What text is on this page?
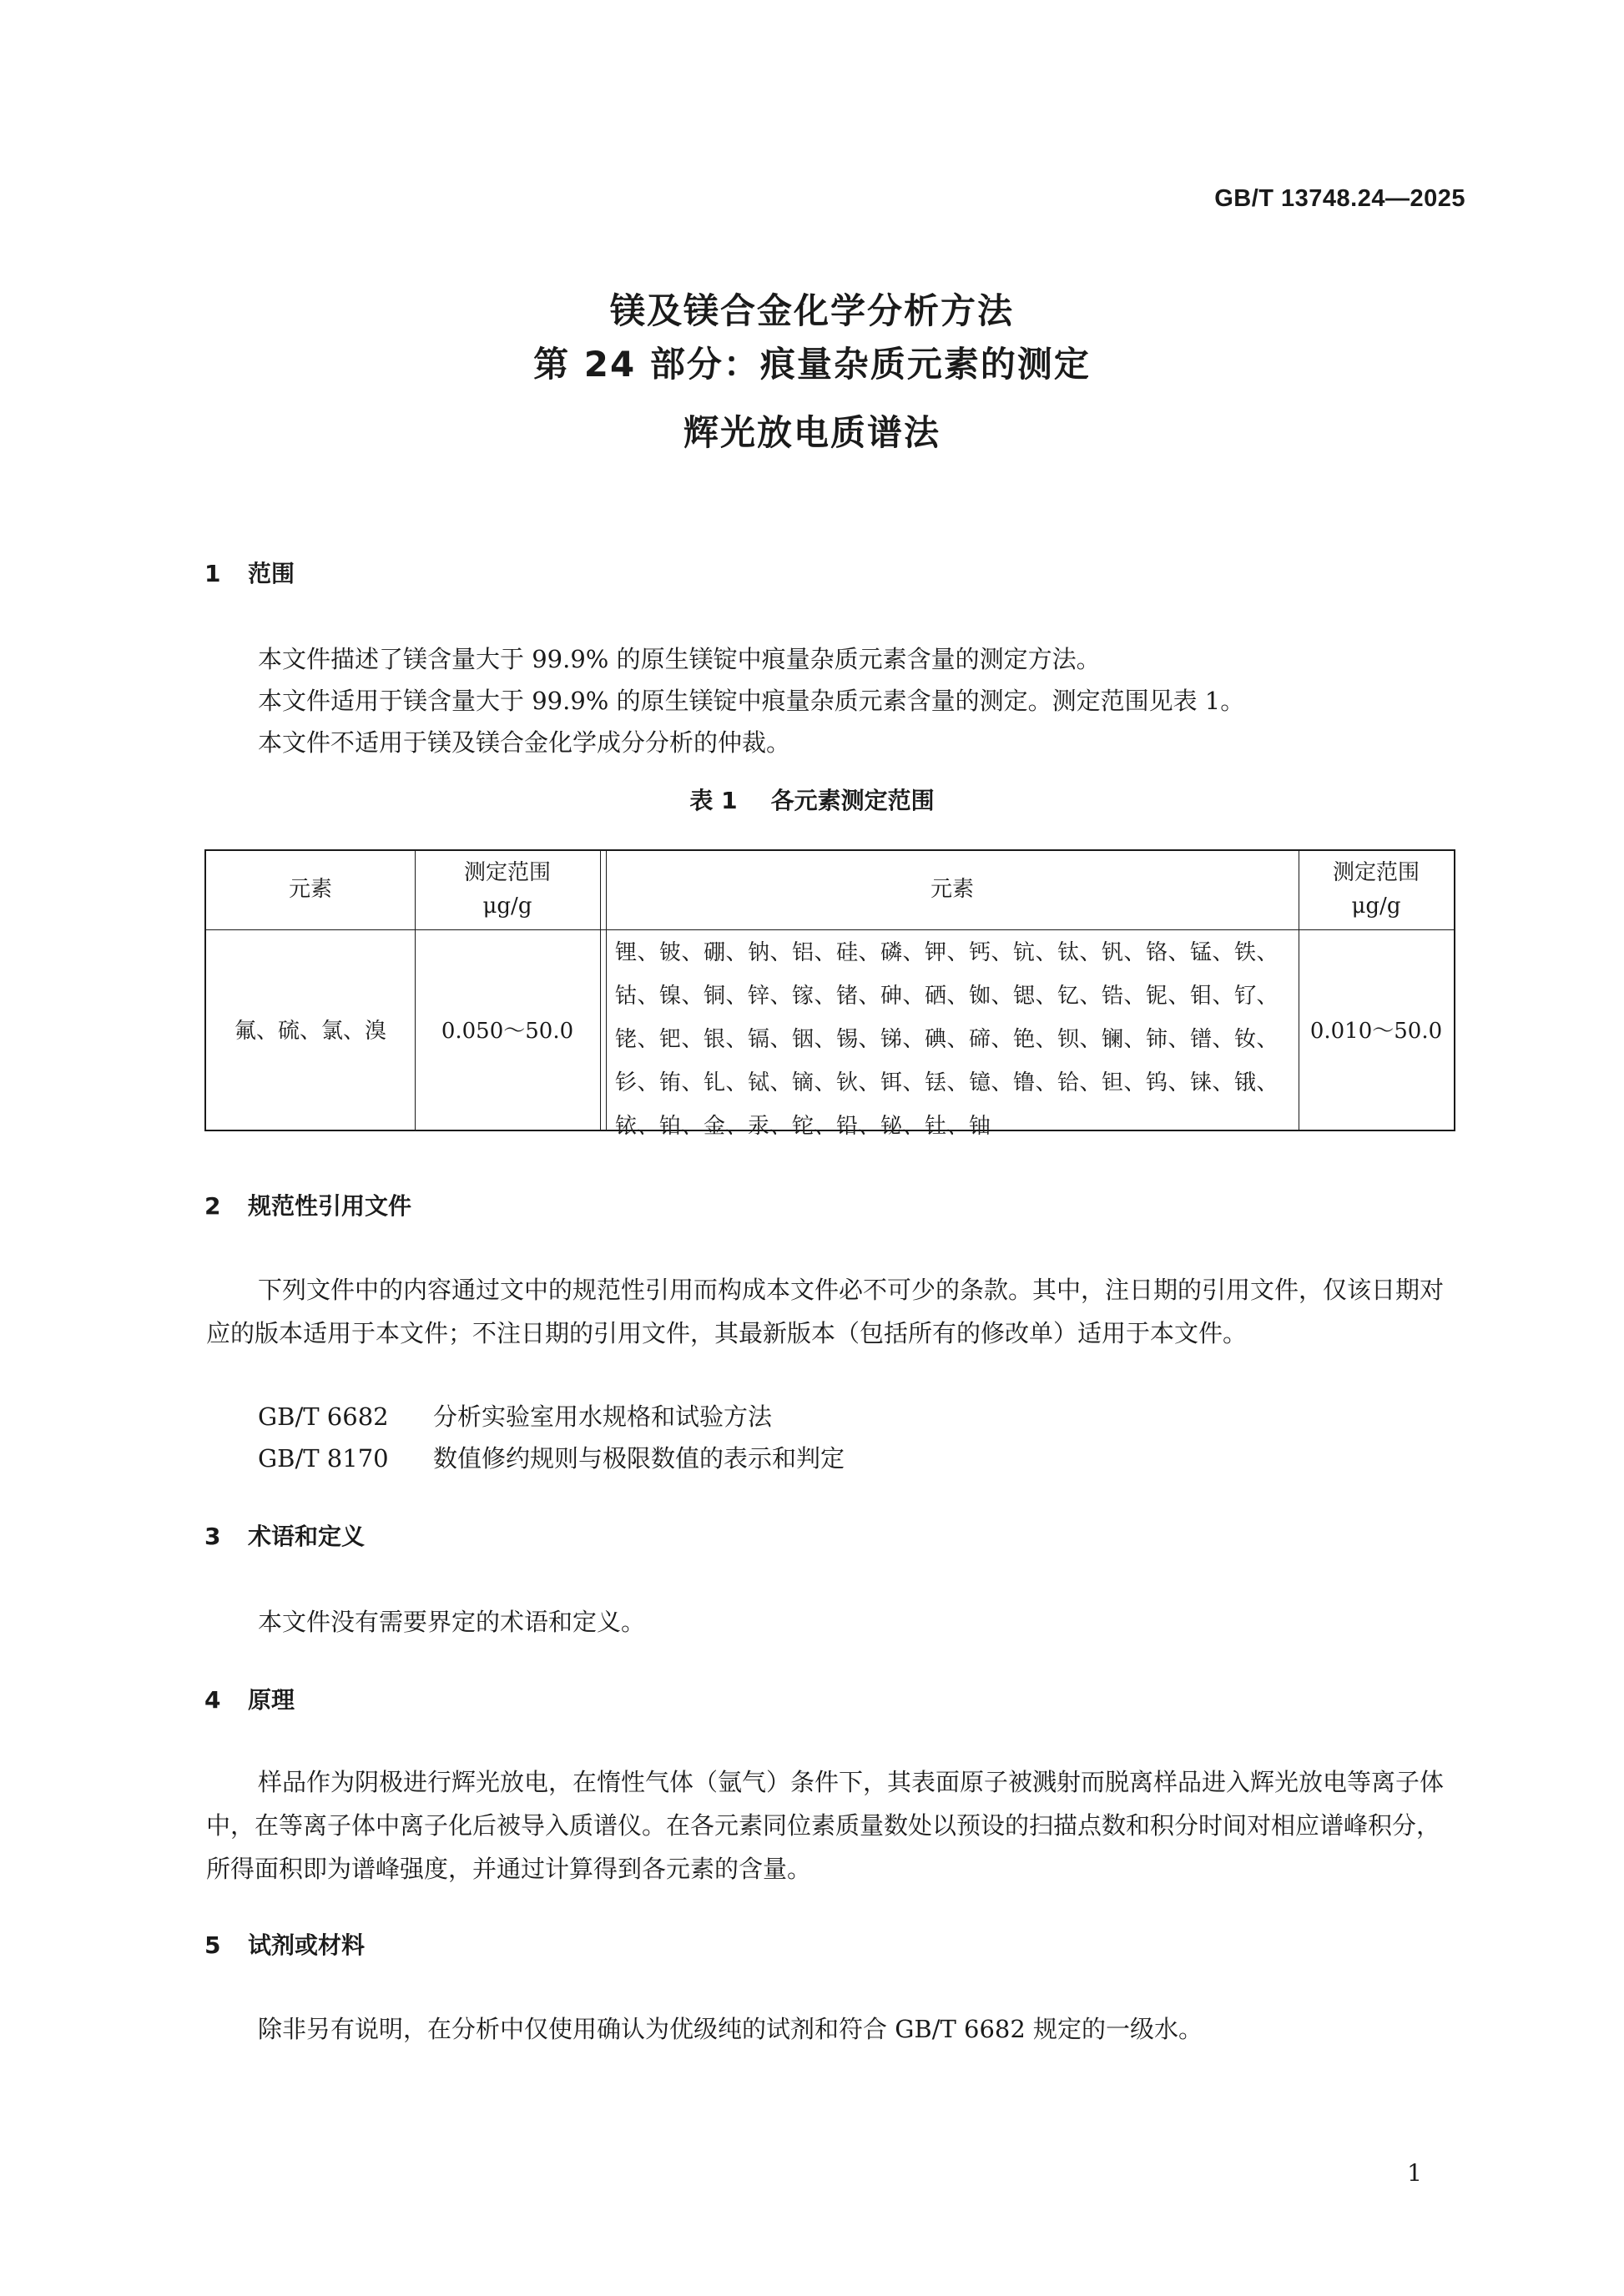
GB/T 13748.24—2025
镁及镁合金化学分析方法
第 24 部分：痕量杂质元素的测定
辉光放电质谱法
1 范围
本文件描述了镁含量大于 99.9% 的原生镁锭中痕量杂质元素含量的测定方法。
本文件适用于镁含量大于 99.9% 的原生镁锭中痕量杂质元素含量的测定。测定范围见表 1。
本文件不适用于镁及镁合金化学成分分析的仲裁。
表 1 各元素测定范围
元素
测定范围
μg/g
元素
测定范围
μg/g
氟、硫、氯、溴	0.050～50.0
锂、铍、硼、钠、铝、硅、磷、钾、钙、钪、钛、钒、铬、锰、铁、
钴、镍、铜、锌、镓、锗、砷、硒、铷、锶、钇、锆、铌、钼、钌、
铑、钯、银、镉、铟、锡、锑、碘、碲、铯、钡、镧、铈、镨、钕、
钐、铕、钆、铽、镝、钬、铒、铥、镱、镥、铪、钽、钨、铼、锇、
铱、铂、金、汞、铊、铅、铋、钍、铀
0.010～50.0
2 规范性引用文件
下列文件中的内容通过文中的规范性引用而构成本文件必不可少的条款。其中，注日期的引用文件，仅该日期对应的版本适用于本文件；不注日期的引用文件，其最新版本（包括所有的修改单）适用于本文件。
GB/T 6682 分析实验室用水规格和试验方法
GB/T 8170 数值修约规则与极限数值的表示和判定
3 术语和定义
本文件没有需要界定的术语和定义。
4 原理
样品作为阴极进行辉光放电，在惰性气体（氩气）条件下，其表面原子被溅射而脱离样品进入辉光放电等离子体中，在等离子体中离子化后被导入质谱仪。在各元素同位素质量数处以预设的扫描点数和积分时间对相应谱峰积分，所得面积即为谱峰强度，并通过计算得到各元素的含量。
5 试剂或材料
除非另有说明，在分析中仅使用确认为优级纯的试剂和符合 GB/T 6682 规定的一级水。
1
